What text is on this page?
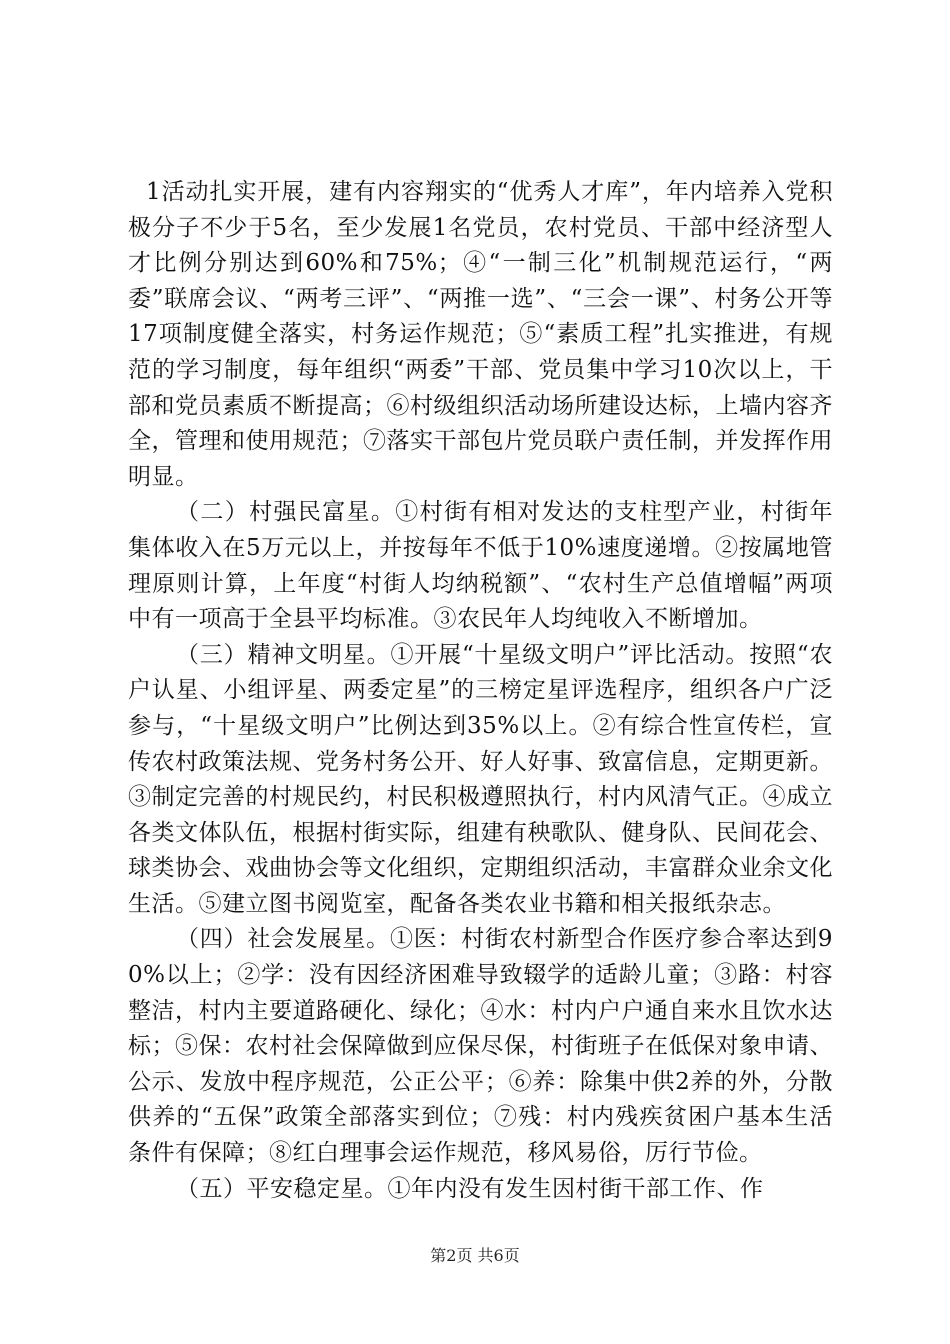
1活动扎实开展，建有内容翔实的“优秀人才库”，年内培养入党积极分子不少于5名，至少发展1名党员，农村党员、干部中经济型人才比例分别达到60%和75%；④“一制三化”机制规范运行，“两委”联席会议、“两考三评”、“两推一选”、“三会一课”、村务公开等17项制度健全落实，村务运作规范；⑤“素质工程”扎实推进，有规范的学习制度，每年组织“两委”干部、党员集中学习10次以上，干部和党员素质不断提高；⑥村级组织活动场所建设达标，上墙内容齐全，管理和使用规范；⑦落实干部包片党员联户责任制，并发挥作用明显。

（二）村强民富星。①村街有相对发达的支柱型产业，村街年集体收入在5万元以上，并按每年不低于10%速度递增。②按属地管理原则计算，上年度“村街人均纳税额”、“农村生产总值增幅”两项中有一项高于全县平均标准。③农民年人均纯收入不断增加。

（三）精神文明星。①开展“十星级文明户”评比活动。按照“农户认星、小组评星、两委定星”的三榜定星评选程序，组织各户广泛参与，“十星级文明户”比例达到35%以上。②有综合性宣传栏，宣传农村政策法规、党务村务公开、好人好事、致富信息，定期更新。③制定完善的村规民约，村民积极遵照执行，村内风清气正。④成立各类文体队伍，根据村街实际，组建有秧歌队、健身队、民间花会、球类协会、戏曲协会等文化组织，定期组织活动，丰富群众业余文化生活。⑤建立图书阅览室，配备各类农业书籍和相关报纸杂志。

（四）社会发展星。①医：村街农村新型合作医疗参合率达到90%以上；②学：没有因经济困难导致辍学的适龄儿童；③路：村容整洁，村内主要道路硬化、绿化；④水：村内户户通自来水且饮水达标；⑤保：农村社会保障做到应保尽保，村街班子在低保对象申请、公示、发放中程序规范，公正公平；⑥养：除集中供2养的外，分散供养的“五保”政策全部落实到位；⑦残：村内残疾贫困户基本生活条件有保障；⑧红白理事会运作规范，移风易俗，厉行节俭。

（五）平安稳定星。①年内没有发生因村街干部工作、作

第2页 共6页
